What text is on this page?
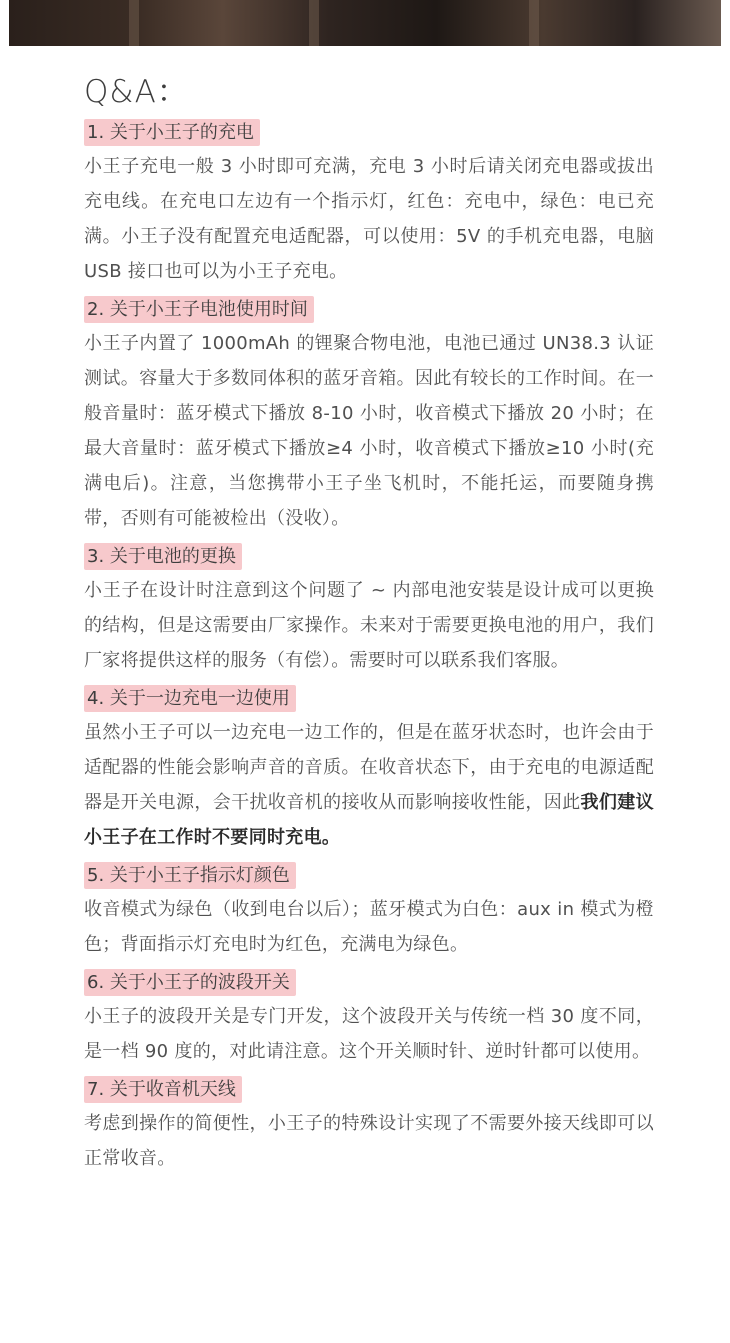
Q&A：
1. 关于小王子的充电

小王子充电一般 3 小时即可充满，充电 3 小时后请关闭充电器或拔出充电线。在充电口左边有一个指示灯，红色：充电中，绿色：电已充满。小王子没有配置充电适配器，可以使用：5V 的手机充电器，电脑 USB 接口也可以为小王子充电。

2. 关于小王子电池使用时间

小王子内置了 1000mAh 的锂聚合物电池，电池已通过 UN38.3 认证测试。容量大于多数同体积的蓝牙音箱。因此有较长的工作时间。在一般音量时：蓝牙模式下播放 8-10 小时，收音模式下播放 20 小时；在最大音量时：蓝牙模式下播放≥4 小时，收音模式下播放≥10 小时(充满电后)。注意，当您携带小王子坐飞机时，不能托运，而要随身携带，否则有可能被检出（没收）。

3. 关于电池的更换

小王子在设计时注意到这个问题了 ~ 内部电池安装是设计成可以更换的结构，但是这需要由厂家操作。未来对于需要更换电池的用户，我们厂家将提供这样的服务（有偿）。需要时可以联系我们客服。

4. 关于一边充电一边使用

虽然小王子可以一边充电一边工作的，但是在蓝牙状态时，也许会由于适配器的性能会影响声音的音质。在收音状态下，由于充电的电源适配器是开关电源，会干扰收音机的接收从而影响接收性能，因此我们建议小王子在工作时不要同时充电。

5. 关于小王子指示灯颜色

收音模式为绿色（收到电台以后）；蓝牙模式为白色：aux in 模式为橙色；背面指示灯充电时为红色，充满电为绿色。

6. 关于小王子的波段开关

小王子的波段开关是专门开发，这个波段开关与传统一档 30 度不同，是一档 90 度的，对此请注意。这个开关顺时针、逆时针都可以使用。

7. 关于收音机天线

考虑到操作的简便性，小王子的特殊设计实现了不需要外接天线即可以正常收音。
